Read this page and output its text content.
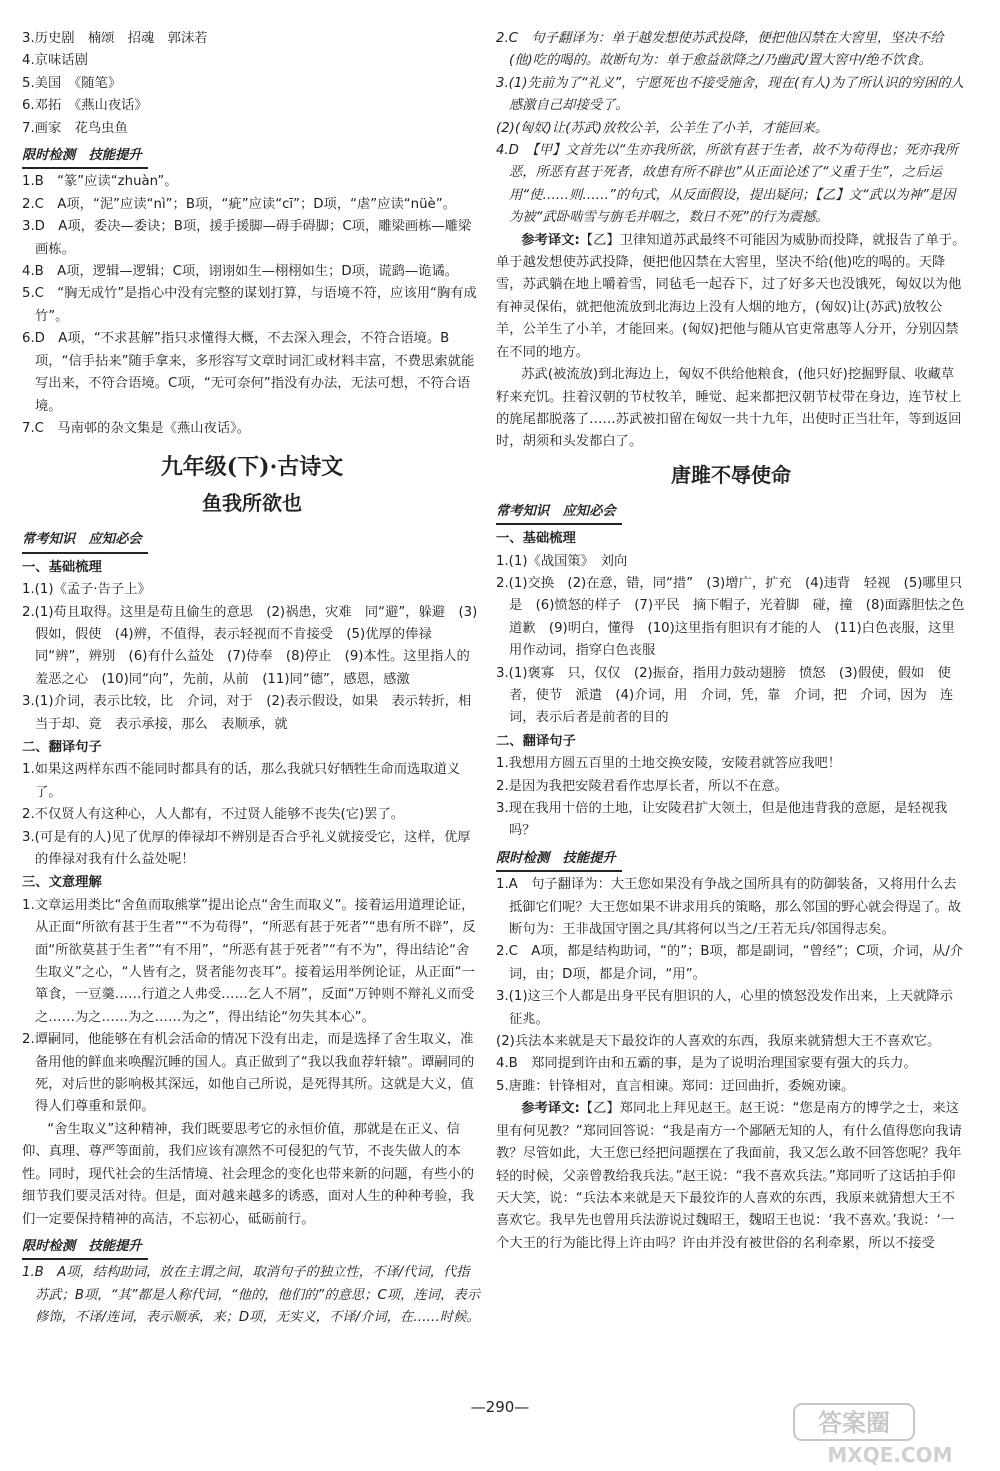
3.历史剧　楠颂　招魂　郭沫若

4.京味话剧

5.美国　《随笔》

6.邓拓　《燕山夜话》

7.画家　花鸟虫鱼

限时检测　技能提升

1.B　“篆”应读“zhuàn”。

2.C　A项，“泥”应读“nì”；B项，“疵”应读“cī”；D项，“虐”应读“nüè”。

3.D　A项，委决—委诀；B项，援手援脚—碍手碍脚；C项，雕梁画栋—雕梁画栋。

4.B　A项，逻辑—逻辑；C项，诩诩如生—栩栩如生；D项，谎鹞—诡谲。

5.C　“胸无成竹”是指心中没有完整的谋划打算，与语境不符，应该用“胸有成竹”。

6.D　A项，“不求甚解”指只求懂得大概，不去深入理会，不符合语境。B项，“信手拈来”随手拿来，多形容写文章时词汇或材料丰富，不费思索就能写出来，不符合语境。C项，“无可奈何”指没有办法，无法可想，不符合语境。

7.C　马南邨的杂文集是《燕山夜话》。

九年级(下)·古诗文
鱼我所欲也
常考知识　应知必会
一、基础梳理

1.(1)《孟子·告子上》

2.(1)苟且取得。这里是苟且偷生的意思　(2)祸患，灾难　同“避”，躲避　(3)假如，假使　(4)辨，不值得，表示轻视而不肯接受　(5)优厚的俸禄　同“辨”，辨别　(6)有什么益处　(7)侍奉　(8)停止　(9)本性。这里指人的羞恶之心　(10)同“向”，先前，从前　(11)同“德”，感恩，感激

3.(1)介词，表示比较，比　介词，对于　(2)表示假设，如果　表示转折，相当于却、竟　表示承接，那么　表顺承，就

二、翻译句子

1.如果这两样东西不能同时都具有的话，那么我就只好牺牲生命而选取道义了。

2.不仅贤人有这种心，人人都有，不过贤人能够不丧失(它)罢了。

3.(可是有的人)见了优厚的俸禄却不辨别是否合乎礼义就接受它，这样，优厚的俸禄对我有什么益处呢！

三、文意理解

1.文章运用类比“舍鱼而取熊掌”提出论点“舍生而取义”。接着运用道理论证，从正面“所欲有甚于生者”“不为苟得”，“所恶有甚于死者”“患有所不辟”，反面“所欲莫甚于生者”“有不用”，“所恶有甚于死者”“有不为”，得出结论“舍生取义”之心，“人皆有之，贤者能勿丧耳”。接着运用举例论证，从正面“一箪食，一豆羹……行道之人弗受……乞人不屑”，反面“万钟则不辩礼义而受之……为之……为之……为之”，得出结论“勿失其本心”。

2.谭嗣同，他能够在有机会活命的情况下没有出走，而是选择了舍生取义，准备用他的鲜血来唤醒沉睡的国人。真正做到了“我以我血荐轩辕”。谭嗣同的死，对后世的影响极其深远，如他自己所说，是死得其所。这就是大义，值得人们尊重和景仰。

“舍生取义”这种精神，我们既要思考它的永恒价值，那就是在正义、信仰、真理、尊严等面前，我们应该有凛然不可侵犯的气节，不丧失做人的本性。同时，现代社会的生活情境、社会理念的变化也带来新的问题，有些小的细节我们要灵活对待。但是，面对越来越多的诱惑，面对人生的种种考验，我们一定要保持精神的高洁，不忘初心，砥砺前行。

限时检测　技能提升

1.B　A项，结构助词，放在主谓之间，取消句子的独立性，不译/代词，代指苏武；B项，“其”都是人称代词，“他的，他们的”的意思；C项，连词，表示修饰，不译/连词，表示顺承，来；D项，无实义，不译/介词，在……时候。

2.C　句子翻译为：单于越发想使苏武投降，便把他囚禁在大窖里，坚决不给(他)吃的喝的。故断句为：单于愈益欲降之/乃幽武/置大窖中/绝不饮食。

3.(1)先前为了“礼义”，宁愿死也不接受施舍，现在(有人)为了所认识的穷困的人感激自己却接受了。

(2)(匈奴)让(苏武)放牧公羊，公羊生了小羊，才能回来。

4.D　【甲】文首先以“生亦我所欲，所欲有甚于生者，故不为苟得也；死亦我所恶，所恶有甚于死者，故患有所不辟也”从正面论述了“义重于生”，之后运用“使……则……”的句式，从反面假设，提出疑问；【乙】文“武以为神”是因为被“武卧啮雪与旃毛并咽之，数日不死”的行为震撼。

参考译文:【乙】卫律知道苏武最终不可能因为威胁而投降，就报告了单于。单于越发想使苏武投降，便把他囚禁在大窖里，坚决不给(他)吃的喝的。天降雪，苏武躺在地上嚼着雪，同毡毛一起吞下，过了好多天也没饿死，匈奴以为他有神灵保佑，就把他流放到北海边上没有人烟的地方，(匈奴)让(苏武)放牧公羊，公羊生了小羊，才能回来。(匈奴)把他与随从官吏常惠等人分开，分别囚禁在不同的地方。

苏武(被流放)到北海边上，匈奴不供给他粮食，(他只好)挖掘野鼠、收藏草籽来充饥。拄着汉朝的节杖牧羊，睡觉、起来都把汉朝节杖带在身边，连节杖上的旄尾都脱落了……苏武被扣留在匈奴一共十九年，出使时正当壮年，等到返回时，胡须和头发都白了。

唐雎不辱使命
常考知识　应知必会
一、基础梳理

1.(1)《战国策》　刘向

2.(1)交换　(2)在意，错，同“措”　(3)增广，扩充　(4)违背　轻视　(5)哪里只是　(6)愤怒的样子　(7)平民　摘下帽子，光着脚　碰，撞　(8)面露胆怯之色　道歉　(9)明白，懂得　(10)这里指有胆识有才能的人　(11)白色丧服，这里用作动词，指穿白色丧服

3.(1)褒寡　只，仅仅　(2)振奋，指用力鼓动翅膀　愤怒　(3)假使，假如　使者，使节　派遣　(4)介词，用　介词，凭，靠　介词，把　介词，因为　连词，表示后者是前者的目的

二、翻译句子

1.我想用方圆五百里的土地交换安陵，安陵君就答应我吧！

2.是因为我把安陵君看作忠厚长者，所以不在意。

3.现在我用十倍的土地，让安陵君扩大领土，但是他违背我的意愿，是轻视我吗？

限时检测　技能提升

1.A　句子翻译为：大王您如果没有争战之国所具有的防御装备，又将用什么去抵御它们呢？大王您如果不讲求用兵的策略，那么邻国的野心就会得逞了。故断句为：王非战国守圉之具/其将何以当之/王若无兵/邻国得志矣。

2.C　A项，都是结构助词，“的”；B项，都是副词，“曾经”；C项，介词，从/介词，由；D项，都是介词，“用”。

3.(1)这三个人都是出身平民有胆识的人，心里的愤怒没发作出来，上天就降示征兆。

(2)兵法本来就是天下最狡诈的人喜欢的东西，我原来就猜想大王不喜欢它。

4.B　郑同提到许由和五霸的事，是为了说明治理国家要有强大的兵力。

5.唐雎：针锋相对，直言相谏。郑同：迂回曲折，委婉劝谏。

参考译文:【乙】郑同北上拜见赵王。赵王说：“您是南方的博学之士，来这里有何见教？”郑同回答说：“我是南方一个鄙陋无知的人，有什么值得您向我请教？尽管如此，大王您已经把问题摆在了我面前，我又怎么敢不回答您呢？我年轻的时候，父亲曾教给我兵法。”赵王说：“我不喜欢兵法。”郑同听了这话拍手仰天大笑，说：“兵法本来就是天下最狡诈的人喜欢的东西，我原来就猜想大王不喜欢它。我早先也曾用兵法游说过魏昭王，魏昭王也说：‘我不喜欢。’我说：‘一个大王的行为能比得上许由吗？许由并没有被世俗的名利牵累，所以不接受

—290—
答案圈
MXQE.COM
